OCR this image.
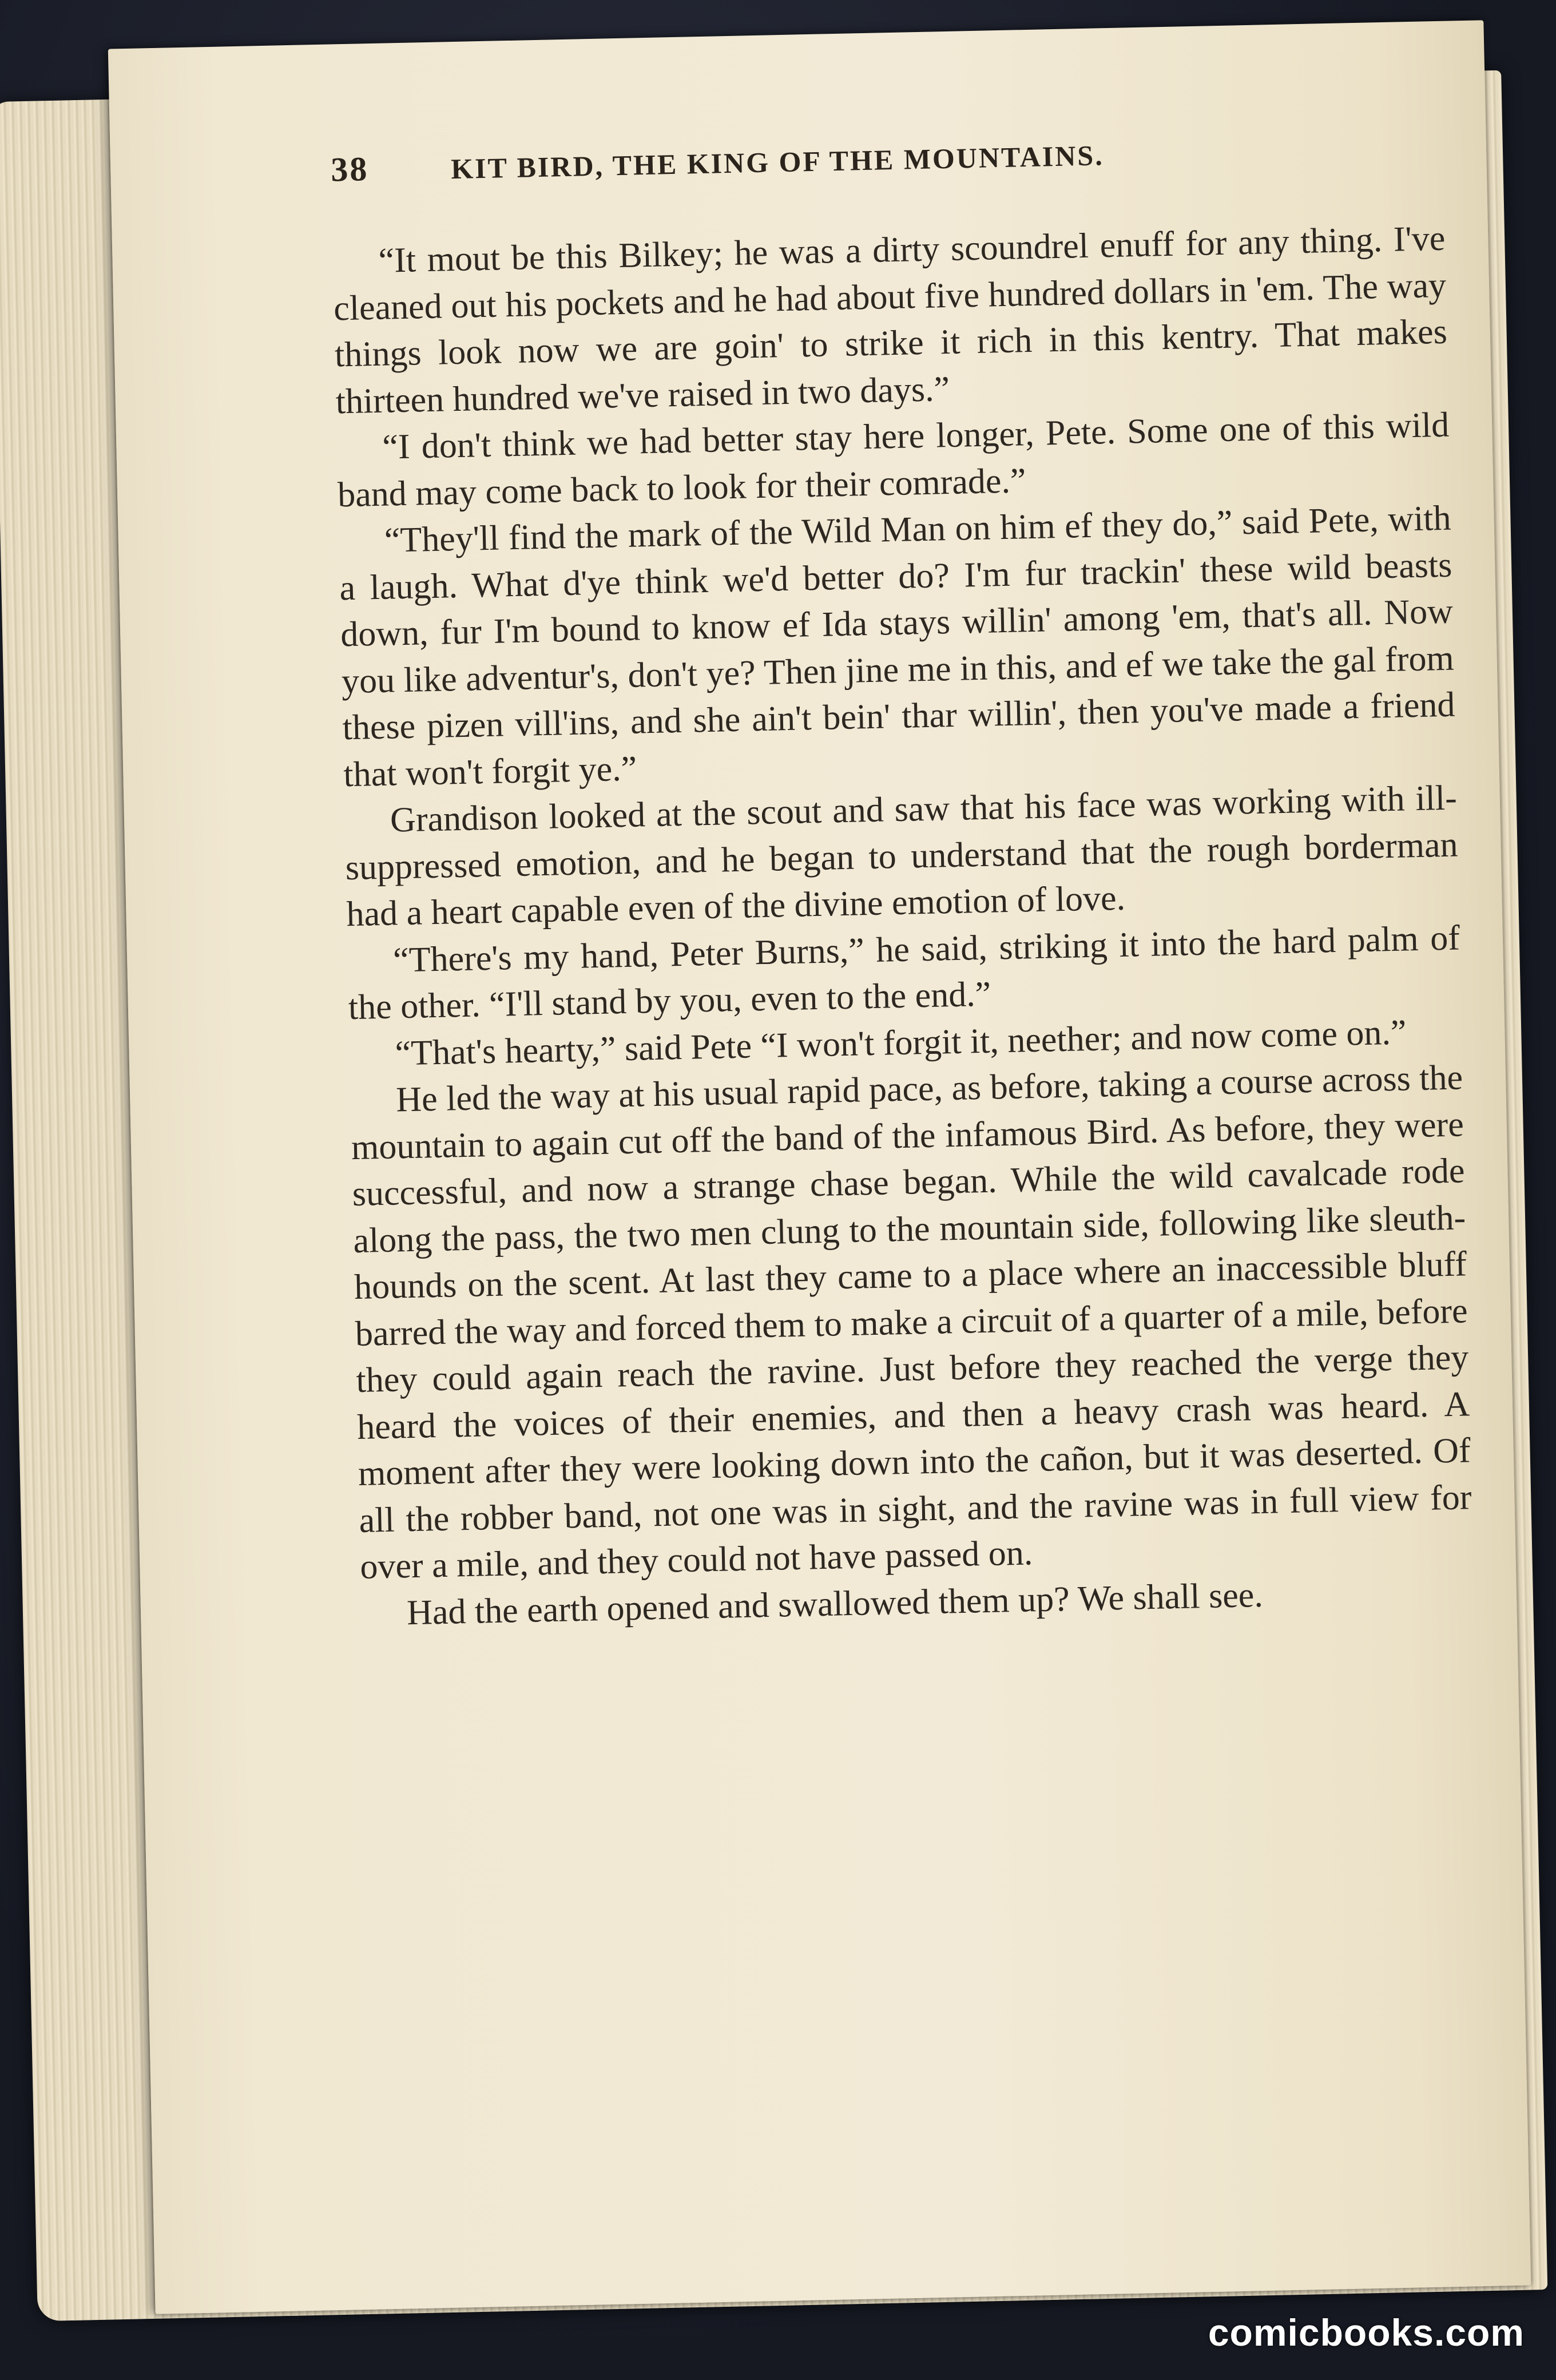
38	KIT BIRD, THE KING OF THE MOUNTAINS.

“It mout be this Bilkey; he was a dirty scoundrel enuff for any thing. I've cleaned out his pockets and he had about five hundred dollars in 'em. The way things look now we are goin' to strike it rich in this kentry. That makes thirteen hundred we've raised in two days.”

“I don't think we had better stay here longer, Pete. Some one of this wild band may come back to look for their comrade.”

“They'll find the mark of the Wild Man on him ef they do,” said Pete, with a laugh. What d'ye think we'd better do? I'm fur trackin' these wild beasts down, fur I'm bound to know ef Ida stays willin' among 'em, that's all. Now you like adventur's, don't ye? Then jine me in this, and ef we take the gal from these pizen vill'ins, and she ain't bein' thar willin', then you've made a friend that won't forgit ye.”

Grandison looked at the scout and saw that his face was working with ill-suppressed emotion, and he began to understand that the rough borderman had a heart capable even of the divine emotion of love.

“There's my hand, Peter Burns,” he said, striking it into the hard palm of the other. “I'll stand by you, even to the end.”

“That's hearty,” said Pete “I won't forgit it, neether; and now come on.”

He led the way at his usual rapid pace, as before, taking a course across the mountain to again cut off the band of the infamous Bird. As before, they were successful, and now a strange chase began. While the wild cavalcade rode along the pass, the two men clung to the mountain side, following like sleuth-hounds on the scent. At last they came to a place where an inaccessible bluff barred the way and forced them to make a circuit of a quarter of a mile, before they could again reach the ravine. Just before they reached the verge they heard the voices of their enemies, and then a heavy crash was heard. A moment after they were looking down into the cañon, but it was deserted. Of all the robber band, not one was in sight, and the ravine was in full view for over a mile, and they could not have passed on.

Had the earth opened and swallowed them up? We shall see.

comicbooks.com
